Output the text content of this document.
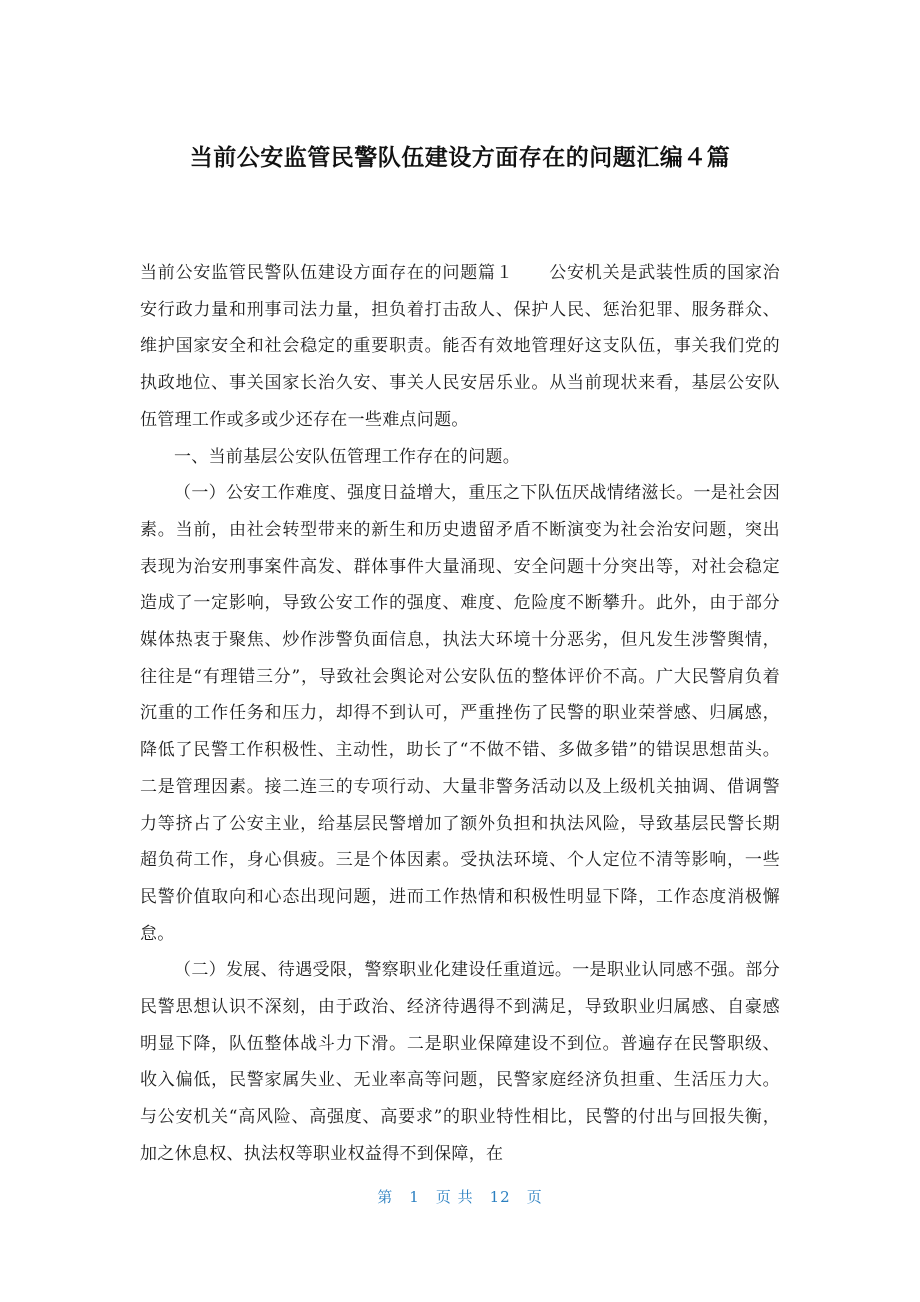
当前公安监管民警队伍建设方面存在的问题汇编４篇

当前公安监管民警队伍建设方面存在的问题篇１　　公安机关是武装性质的国家治安行政力量和刑事司法力量，担负着打击敌人、保护人民、惩治犯罪、服务群众、维护国家安全和社会稳定的重要职责。能否有效地管理好这支队伍，事关我们党的执政地位、事关国家长治久安、事关人民安居乐业。从当前现状来看，基层公安队伍管理工作或多或少还存在一些难点问题。

一、当前基层公安队伍管理工作存在的问题。

（一）公安工作难度、强度日益增大，重压之下队伍厌战情绪滋长。一是社会因素。当前，由社会转型带来的新生和历史遗留矛盾不断演变为社会治安问题，突出表现为治安刑事案件高发、群体事件大量涌现、安全问题十分突出等，对社会稳定造成了一定影响，导致公安工作的强度、难度、危险度不断攀升。此外，由于部分媒体热衷于聚焦、炒作涉警负面信息，执法大环境十分恶劣，但凡发生涉警舆情，往往是“有理错三分”，导致社会舆论对公安队伍的整体评价不高。广大民警肩负着沉重的工作任务和压力，却得不到认可，严重挫伤了民警的职业荣誉感、归属感，降低了民警工作积极性、主动性，助长了“不做不错、多做多错”的错误思想苗头。二是管理因素。接二连三的专项行动、大量非警务活动以及上级机关抽调、借调警力等挤占了公安主业，给基层民警增加了额外负担和执法风险，导致基层民警长期超负荷工作，身心俱疲。三是个体因素。受执法环境、个人定位不清等影响，一些民警价值取向和心态出现问题，进而工作热情和积极性明显下降，工作态度消极懈怠。

（二）发展、待遇受限，警察职业化建设任重道远。一是职业认同感不强。部分民警思想认识不深刻，由于政治、经济待遇得不到满足，导致职业归属感、自豪感明显下降，队伍整体战斗力下滑。二是职业保障建设不到位。普遍存在民警职级、收入偏低，民警家属失业、无业率高等问题，民警家庭经济负担重、生活压力大。与公安机关“高风险、高强度、高要求”的职业特性相比，民警的付出与回报失衡，加之休息权、执法权等职业权益得不到保障，在

第 1 页 共 12 页
